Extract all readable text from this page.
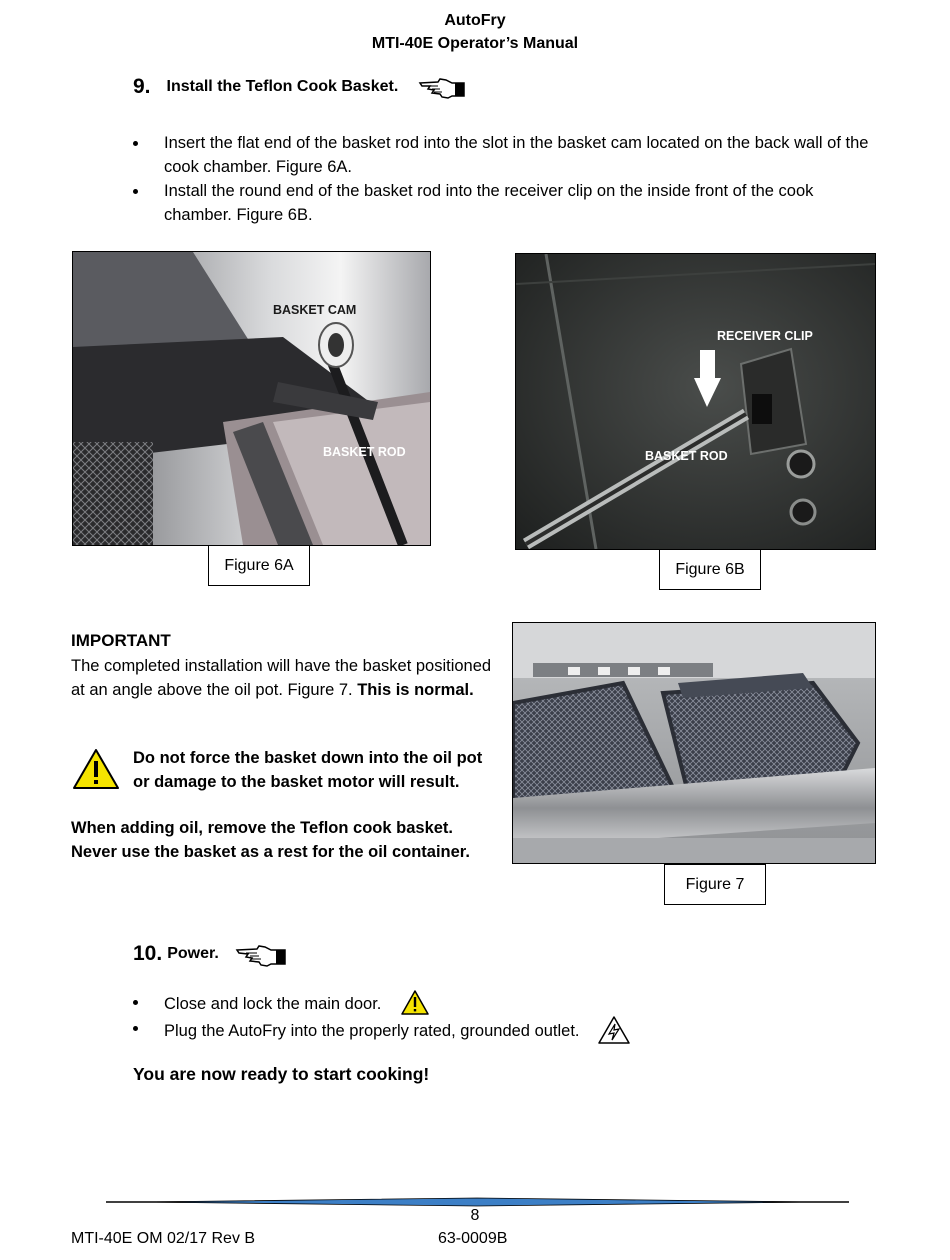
AutoFry
MTI-40E Operator’s Manual
9. Install the Teflon Cook Basket.
Insert the flat end of the basket rod into the slot in the basket cam located on the back wall of the cook chamber. Figure 6A.
Install the round end of the basket rod into the receiver clip on the inside front of the cook chamber. Figure 6B.
BASKET CAM
BASKET ROD
Figure 6A
RECEIVER CLIP
BASKET ROD
Figure 6B
IMPORTANT
The completed installation will have the basket positioned at an angle above the oil pot. Figure 7. This is normal.
Do not force the basket down into the oil pot or damage to the basket motor will result.
When adding oil, remove the Teflon cook basket. Never use the basket as a rest for the oil container.
Figure 7
10. Power.
Close and lock the main door.
Plug the AutoFry into the properly rated, grounded outlet.
You are now ready to start cooking!
8
MTI-40E OM 02/17 Rev B	63-0009B
